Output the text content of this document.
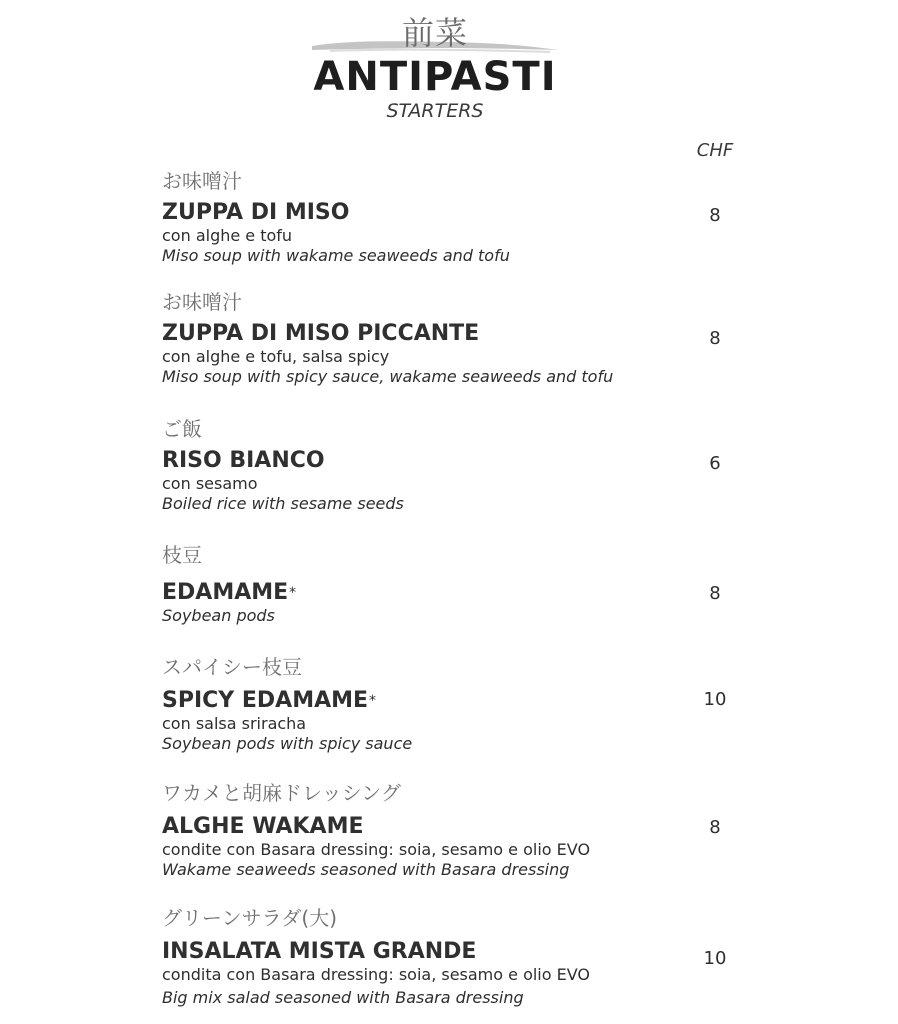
前菜
ANTIPASTI
STARTERS
CHF
お味噌汁
ZUPPA DI MISO
con alghe e tofu
Miso soup with wakame seaweeds and tofu
8
お味噌汁
ZUPPA DI MISO PICCANTE
con alghe e tofu, salsa spicy
Miso soup with spicy sauce, wakame seaweeds and tofu
8
ご飯
RISO BIANCO
con sesamo
Boiled rice with sesame seeds
6
枝豆
EDAMAME*
Soybean pods
8
スパイシー枝豆
SPICY EDAMAME*
con salsa sriracha
Soybean pods with spicy sauce
10
ワカメと胡麻ドレッシング
ALGHE WAKAME
condite con Basara dressing: soia, sesamo e olio EVO
Wakame seaweeds seasoned with Basara dressing
8
グリーンサラダ(大)
INSALATA MISTA GRANDE
condita con Basara dressing: soia, sesamo e olio EVO
Big mix salad seasoned with Basara dressing
10
